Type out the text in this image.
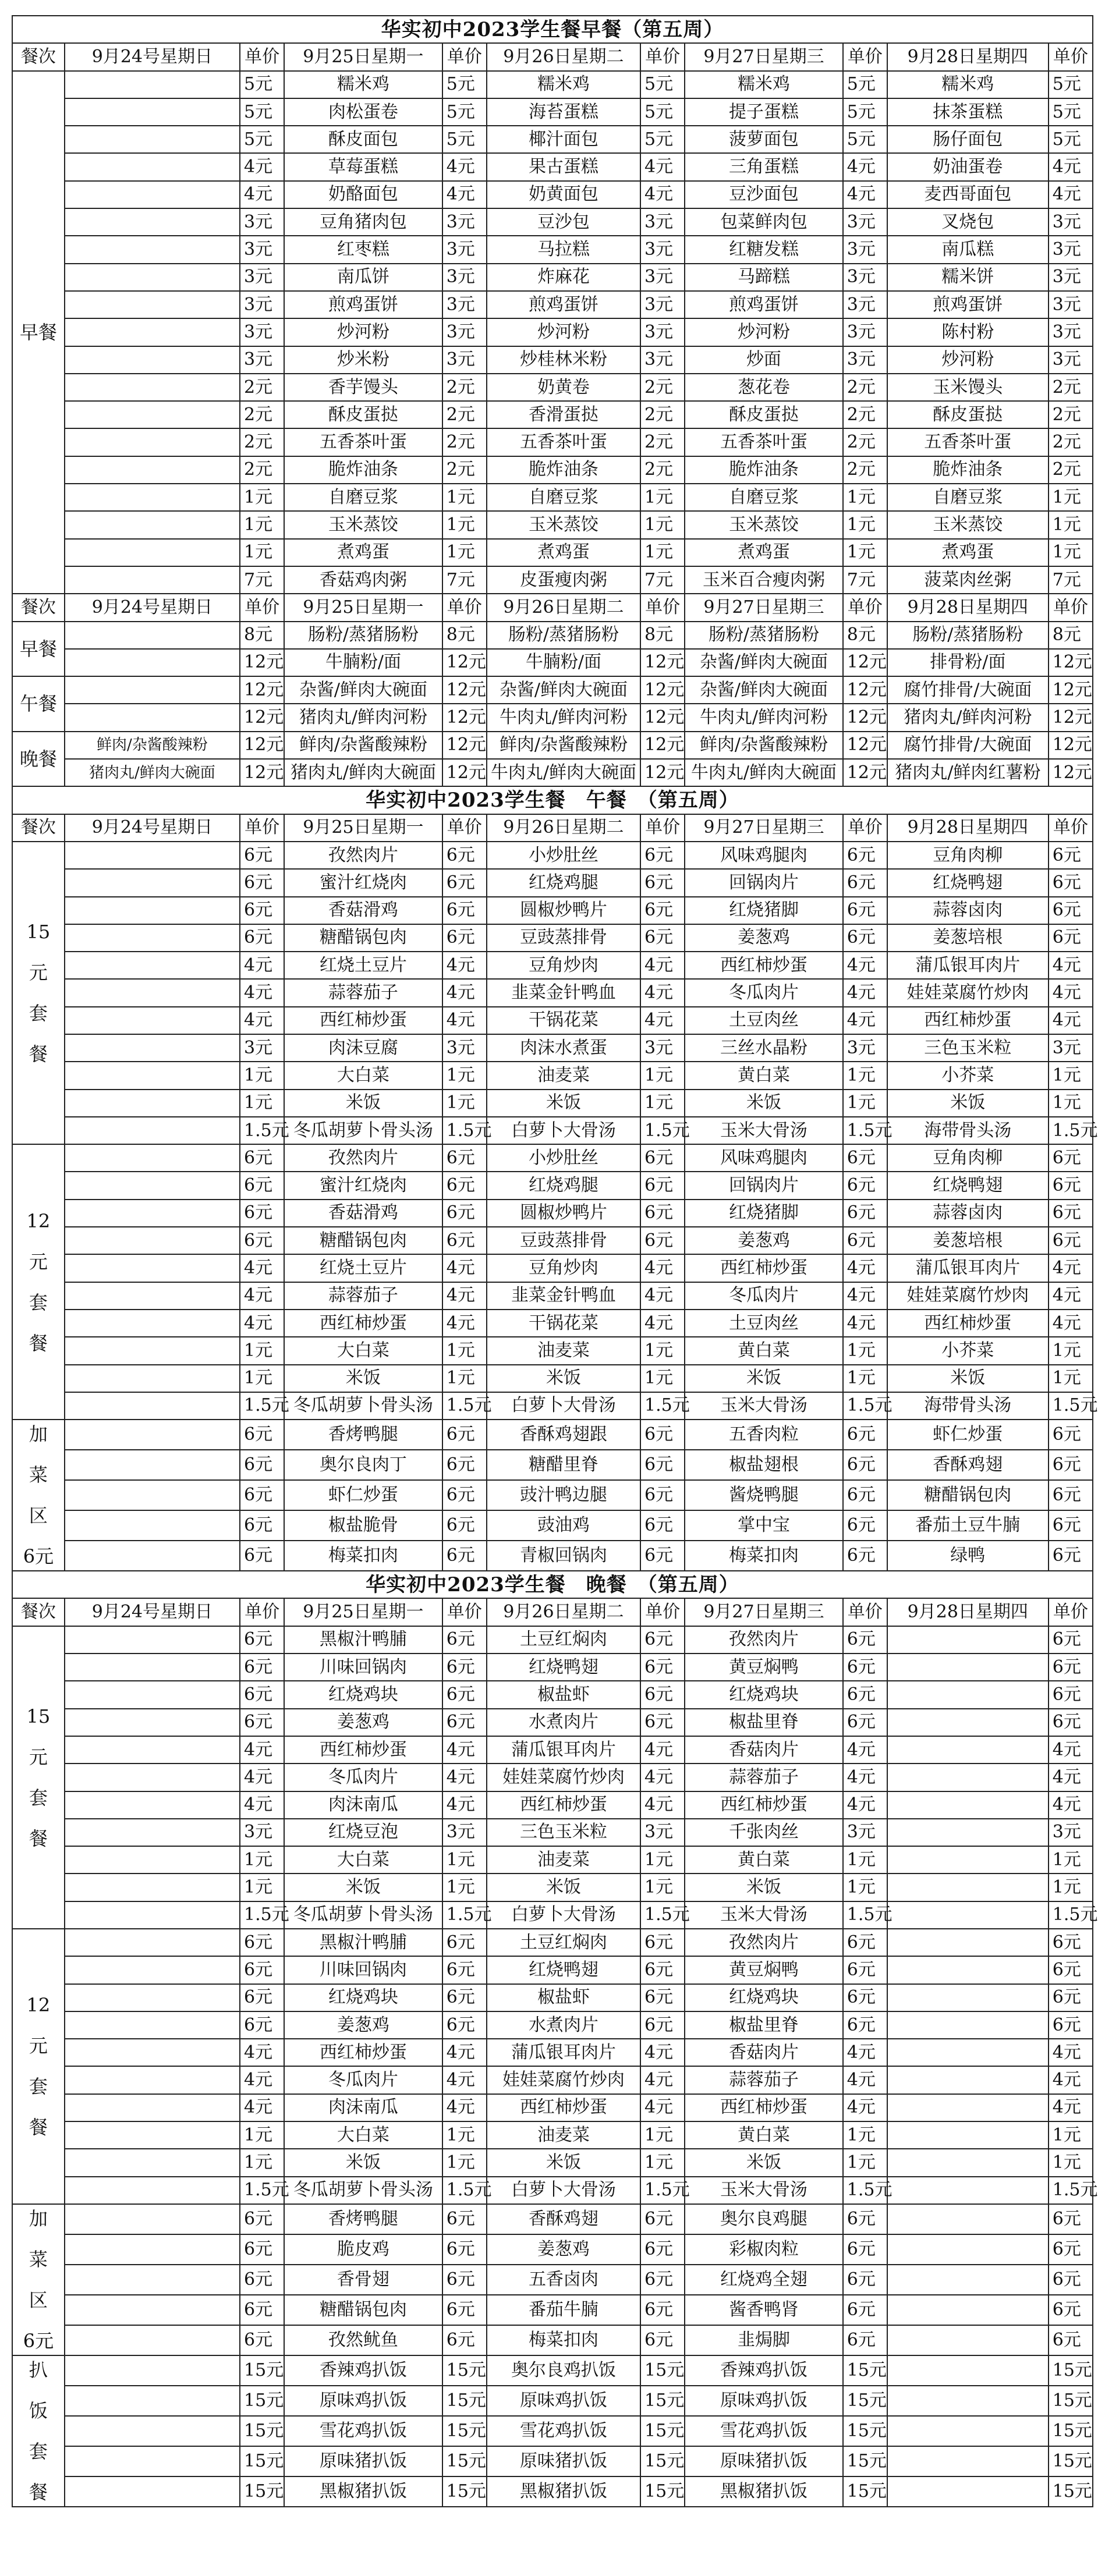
华实初中2023学生餐早餐（第五周）										
餐次	9月24号星期日	单价	9月25日星期一	单价	9月26日星期二	单价	9月27日星期三	单价	9月28日星期四	单价
早餐		5元	糯米鸡	5元	糯米鸡	5元	糯米鸡	5元	糯米鸡	5元
		5元	肉松蛋卷	5元	海苔蛋糕	5元	提子蛋糕	5元	抹茶蛋糕	5元
		5元	酥皮面包	5元	椰汁面包	5元	菠萝面包	5元	肠仔面包	5元
		4元	草莓蛋糕	4元	果古蛋糕	4元	三角蛋糕	4元	奶油蛋卷	4元
		4元	奶酪面包	4元	奶黄面包	4元	豆沙面包	4元	麦西哥面包	4元
		3元	豆角猪肉包	3元	豆沙包	3元	包菜鲜肉包	3元	叉烧包	3元
		3元	红枣糕	3元	马拉糕	3元	红糖发糕	3元	南瓜糕	3元
		3元	南瓜饼	3元	炸麻花	3元	马蹄糕	3元	糯米饼	3元
		3元	煎鸡蛋饼	3元	煎鸡蛋饼	3元	煎鸡蛋饼	3元	煎鸡蛋饼	3元
		3元	炒河粉	3元	炒河粉	3元	炒河粉	3元	陈村粉	3元
		3元	炒米粉	3元	炒桂林米粉	3元	炒面	3元	炒河粉	3元
		2元	香芋馒头	2元	奶黄卷	2元	葱花卷	2元	玉米馒头	2元
		2元	酥皮蛋挞	2元	香滑蛋挞	2元	酥皮蛋挞	2元	酥皮蛋挞	2元
		2元	五香茶叶蛋	2元	五香茶叶蛋	2元	五香茶叶蛋	2元	五香茶叶蛋	2元
		2元	脆炸油条	2元	脆炸油条	2元	脆炸油条	2元	脆炸油条	2元
		1元	自磨豆浆	1元	自磨豆浆	1元	自磨豆浆	1元	自磨豆浆	1元
		1元	玉米蒸饺	1元	玉米蒸饺	1元	玉米蒸饺	1元	玉米蒸饺	1元
		1元	煮鸡蛋	1元	煮鸡蛋	1元	煮鸡蛋	1元	煮鸡蛋	1元
		7元	香菇鸡肉粥	7元	皮蛋瘦肉粥	7元	玉米百合瘦肉粥	7元	菠菜肉丝粥	7元
餐次	9月24号星期日	单价	9月25日星期一	单价	9月26日星期二	单价	9月27日星期三	单价	9月28日星期四	单价
早餐		8元	肠粉/蒸猪肠粉	8元	肠粉/蒸猪肠粉	8元	肠粉/蒸猪肠粉	8元	肠粉/蒸猪肠粉	8元
		12元	牛腩粉/面	12元	牛腩粉/面	12元	杂酱/鲜肉大碗面	12元	排骨粉/面	12元
午餐		12元	杂酱/鲜肉大碗面	12元	杂酱/鲜肉大碗面	12元	杂酱/鲜肉大碗面	12元	腐竹排骨/大碗面	12元
		12元	猪肉丸/鲜肉河粉	12元	牛肉丸/鲜肉河粉	12元	牛肉丸/鲜肉河粉	12元	猪肉丸/鲜肉河粉	12元
晚餐	鲜肉/杂酱酸辣粉	12元	鲜肉/杂酱酸辣粉	12元	鲜肉/杂酱酸辣粉	12元	鲜肉/杂酱酸辣粉	12元	腐竹排骨/大碗面	12元
	猪肉丸/鲜肉大碗面	12元	猪肉丸/鲜肉大碗面	12元	牛肉丸/鲜肉大碗面	12元	牛肉丸/鲜肉大碗面	12元	猪肉丸/鲜肉红薯粉	12元
华实初中2023学生餐　午餐　（第五周）										
餐次	9月24号星期日	单价	9月25日星期一	单价	9月26日星期二	单价	9月27日星期三	单价	9月28日星期四	单价

15
元
套
餐		6元	孜然肉片	6元	小炒肚丝	6元	风味鸡腿肉	6元	豆角肉柳	6元
		6元	蜜汁红烧肉	6元	红烧鸡腿	6元	回锅肉片	6元	红烧鸭翅	6元
		6元	香菇滑鸡	6元	圆椒炒鸭片	6元	红烧猪脚	6元	蒜蓉卤肉	6元
		6元	糖醋锅包肉	6元	豆豉蒸排骨	6元	姜葱鸡	6元	姜葱培根	6元
		4元	红烧土豆片	4元	豆角炒肉	4元	西红柿炒蛋	4元	蒲瓜银耳肉片	4元
		4元	蒜蓉茄子	4元	韭菜金针鸭血	4元	冬瓜肉片	4元	娃娃菜腐竹炒肉	4元
		4元	西红柿炒蛋	4元	干锅花菜	4元	土豆肉丝	4元	西红柿炒蛋	4元
		3元	肉沫豆腐	3元	肉沫水煮蛋	3元	三丝水晶粉	3元	三色玉米粒	3元
		1元	大白菜	1元	油麦菜	1元	黄白菜	1元	小芥菜	1元
		1元	米饭	1元	米饭	1元	米饭	1元	米饭	1元
		1.5元	冬瓜胡萝卜骨头汤	1.5元	白萝卜大骨汤	1.5元	玉米大骨汤	1.5元	海带骨头汤	1.5元

12
元
套
餐		6元	孜然肉片	6元	小炒肚丝	6元	风味鸡腿肉	6元	豆角肉柳	6元
		6元	蜜汁红烧肉	6元	红烧鸡腿	6元	回锅肉片	6元	红烧鸭翅	6元
		6元	香菇滑鸡	6元	圆椒炒鸭片	6元	红烧猪脚	6元	蒜蓉卤肉	6元
		6元	糖醋锅包肉	6元	豆豉蒸排骨	6元	姜葱鸡	6元	姜葱培根	6元
		4元	红烧土豆片	4元	豆角炒肉	4元	西红柿炒蛋	4元	蒲瓜银耳肉片	4元
		4元	蒜蓉茄子	4元	韭菜金针鸭血	4元	冬瓜肉片	4元	娃娃菜腐竹炒肉	4元
		4元	西红柿炒蛋	4元	干锅花菜	4元	土豆肉丝	4元	西红柿炒蛋	4元
		1元	大白菜	1元	油麦菜	1元	黄白菜	1元	小芥菜	1元
		1元	米饭	1元	米饭	1元	米饭	1元	米饭	1元
		1.5元	冬瓜胡萝卜骨头汤	1.5元	白萝卜大骨汤	1.5元	玉米大骨汤	1.5元	海带骨头汤	1.5元

加
菜
区
6元		6元	香烤鸭腿	6元	香酥鸡翅跟	6元	五香肉粒	6元	虾仁炒蛋	6元
		6元	奥尔良肉丁	6元	糖醋里脊	6元	椒盐翅根	6元	香酥鸡翅	6元
		6元	虾仁炒蛋	6元	豉汁鸭边腿	6元	酱烧鸭腿	6元	糖醋锅包肉	6元
		6元	椒盐脆骨	6元	豉油鸡	6元	掌中宝	6元	番茄土豆牛腩	6元
		6元	梅菜扣肉	6元	青椒回锅肉	6元	梅菜扣肉	6元	绿鸭	6元
华实初中2023学生餐　晚餐　（第五周）										
餐次	9月24号星期日	单价	9月25日星期一	单价	9月26日星期二	单价	9月27日星期三	单价	9月28日星期四	单价

15
元
套
餐		6元	黑椒汁鸭脯	6元	土豆红焖肉	6元	孜然肉片	6元		6元
		6元	川味回锅肉	6元	红烧鸭翅	6元	黄豆焖鸭	6元		6元
		6元	红烧鸡块	6元	椒盐虾	6元	红烧鸡块	6元		6元
		6元	姜葱鸡	6元	水煮肉片	6元	椒盐里脊	6元		6元
		4元	西红柿炒蛋	4元	蒲瓜银耳肉片	4元	香菇肉片	4元		4元
		4元	冬瓜肉片	4元	娃娃菜腐竹炒肉	4元	蒜蓉茄子	4元		4元
		4元	肉沫南瓜	4元	西红柿炒蛋	4元	西红柿炒蛋	4元		4元
		3元	红烧豆泡	3元	三色玉米粒	3元	千张肉丝	3元		3元
		1元	大白菜	1元	油麦菜	1元	黄白菜	1元		1元
		1元	米饭	1元	米饭	1元	米饭	1元		1元
		1.5元	冬瓜胡萝卜骨头汤	1.5元	白萝卜大骨汤	1.5元	玉米大骨汤	1.5元		1.5元

12
元
套
餐		6元	黑椒汁鸭脯	6元	土豆红焖肉	6元	孜然肉片	6元		6元
		6元	川味回锅肉	6元	红烧鸭翅	6元	黄豆焖鸭	6元		6元
		6元	红烧鸡块	6元	椒盐虾	6元	红烧鸡块	6元		6元
		6元	姜葱鸡	6元	水煮肉片	6元	椒盐里脊	6元		6元
		4元	西红柿炒蛋	4元	蒲瓜银耳肉片	4元	香菇肉片	4元		4元
		4元	冬瓜肉片	4元	娃娃菜腐竹炒肉	4元	蒜蓉茄子	4元		4元
		4元	肉沫南瓜	4元	西红柿炒蛋	4元	西红柿炒蛋	4元		4元
		1元	大白菜	1元	油麦菜	1元	黄白菜	1元		1元
		1元	米饭	1元	米饭	1元	米饭	1元		1元
		1.5元	冬瓜胡萝卜骨头汤	1.5元	白萝卜大骨汤	1.5元	玉米大骨汤	1.5元		1.5元

加
菜
区
6元		6元	香烤鸭腿	6元	香酥鸡翅	6元	奥尔良鸡腿	6元		6元
		6元	脆皮鸡	6元	姜葱鸡	6元	彩椒肉粒	6元		6元
		6元	香骨翅	6元	五香卤肉	6元	红烧鸡全翅	6元		6元
		6元	糖醋锅包肉	6元	番茄牛腩	6元	酱香鸭肾	6元		6元
		6元	孜然鱿鱼	6元	梅菜扣肉	6元	韭焗脚	6元		6元

扒
饭
套
餐		15元	香辣鸡扒饭	15元	奥尔良鸡扒饭	15元	香辣鸡扒饭	15元		15元
		15元	原味鸡扒饭	15元	原味鸡扒饭	15元	原味鸡扒饭	15元		15元
		15元	雪花鸡扒饭	15元	雪花鸡扒饭	15元	雪花鸡扒饭	15元		15元
		15元	原味猪扒饭	15元	原味猪扒饭	15元	原味猪扒饭	15元		15元
		15元	黑椒猪扒饭	15元	黑椒猪扒饭	15元	黑椒猪扒饭	15元		15元
